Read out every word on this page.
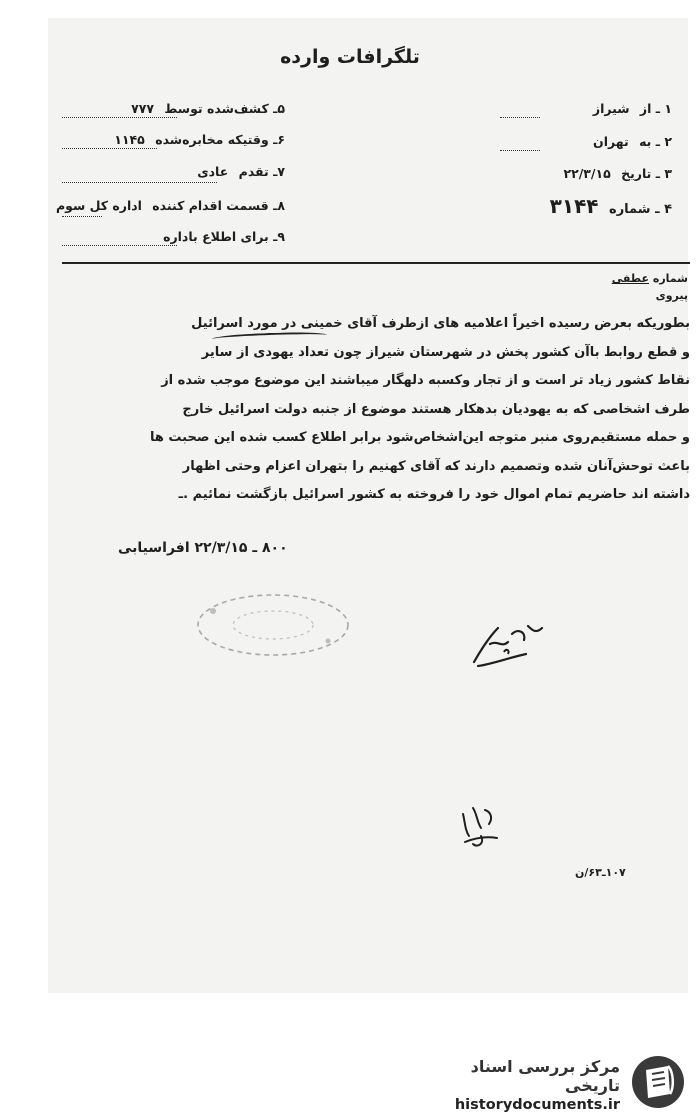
تلگرافات وارده
۵ـ کشف‌شده توسط ۷۷۷
۶ـ وقتیکه مخابره‌شده ۱۱۴۵
۷ـ تقدم عادی
۸ـ قسمت اقدام کننده اداره کل سوم
۹ـ برای اطلاع باداره
۱ ـ از شیراز
۲ ـ به تهران
۳ ـ تاریخ ۲۲/۳/۱۵
۴ ـ شماره ۳۱۴۴
شماره عطفی
پیروی
بطوریکه بعرض رسیده اخیراً اعلامیه های ازطرف آقای خمینی در مورد اسرائیل
و قطع روابط باآن کشور پخش در شهرستان شیراز چون تعداد یهودی از سایر
نقاط کشور زیاد تر است و از تجار وکسبه دلهگار میباشند این موضوع موجب شده از
طرف اشخاصی که به یهودیان بدهکار هستند موضوع از جنبه دولت اسرائیل خارج
و حمله مستقیم‌روی منبر متوجه این‌اشخاص‌شود برابر اطلاع کسب شده این صحبت ها
باعث توحش‌آنان شده وتصمیم دارند که آقای کهنیم را بتهران اعزام وحتی اظهار
داشته اند حاضریم تمام اموال خود را فروخته به کشور اسرائیل بازگشت نمائیم .ـ
۸۰۰ ـ ۲۲/۳/۱۵ افراسیابی
۱۰۷ـ۶۳/ن
مرکز بررسی اسناد تاریخی
historydocuments.ir
